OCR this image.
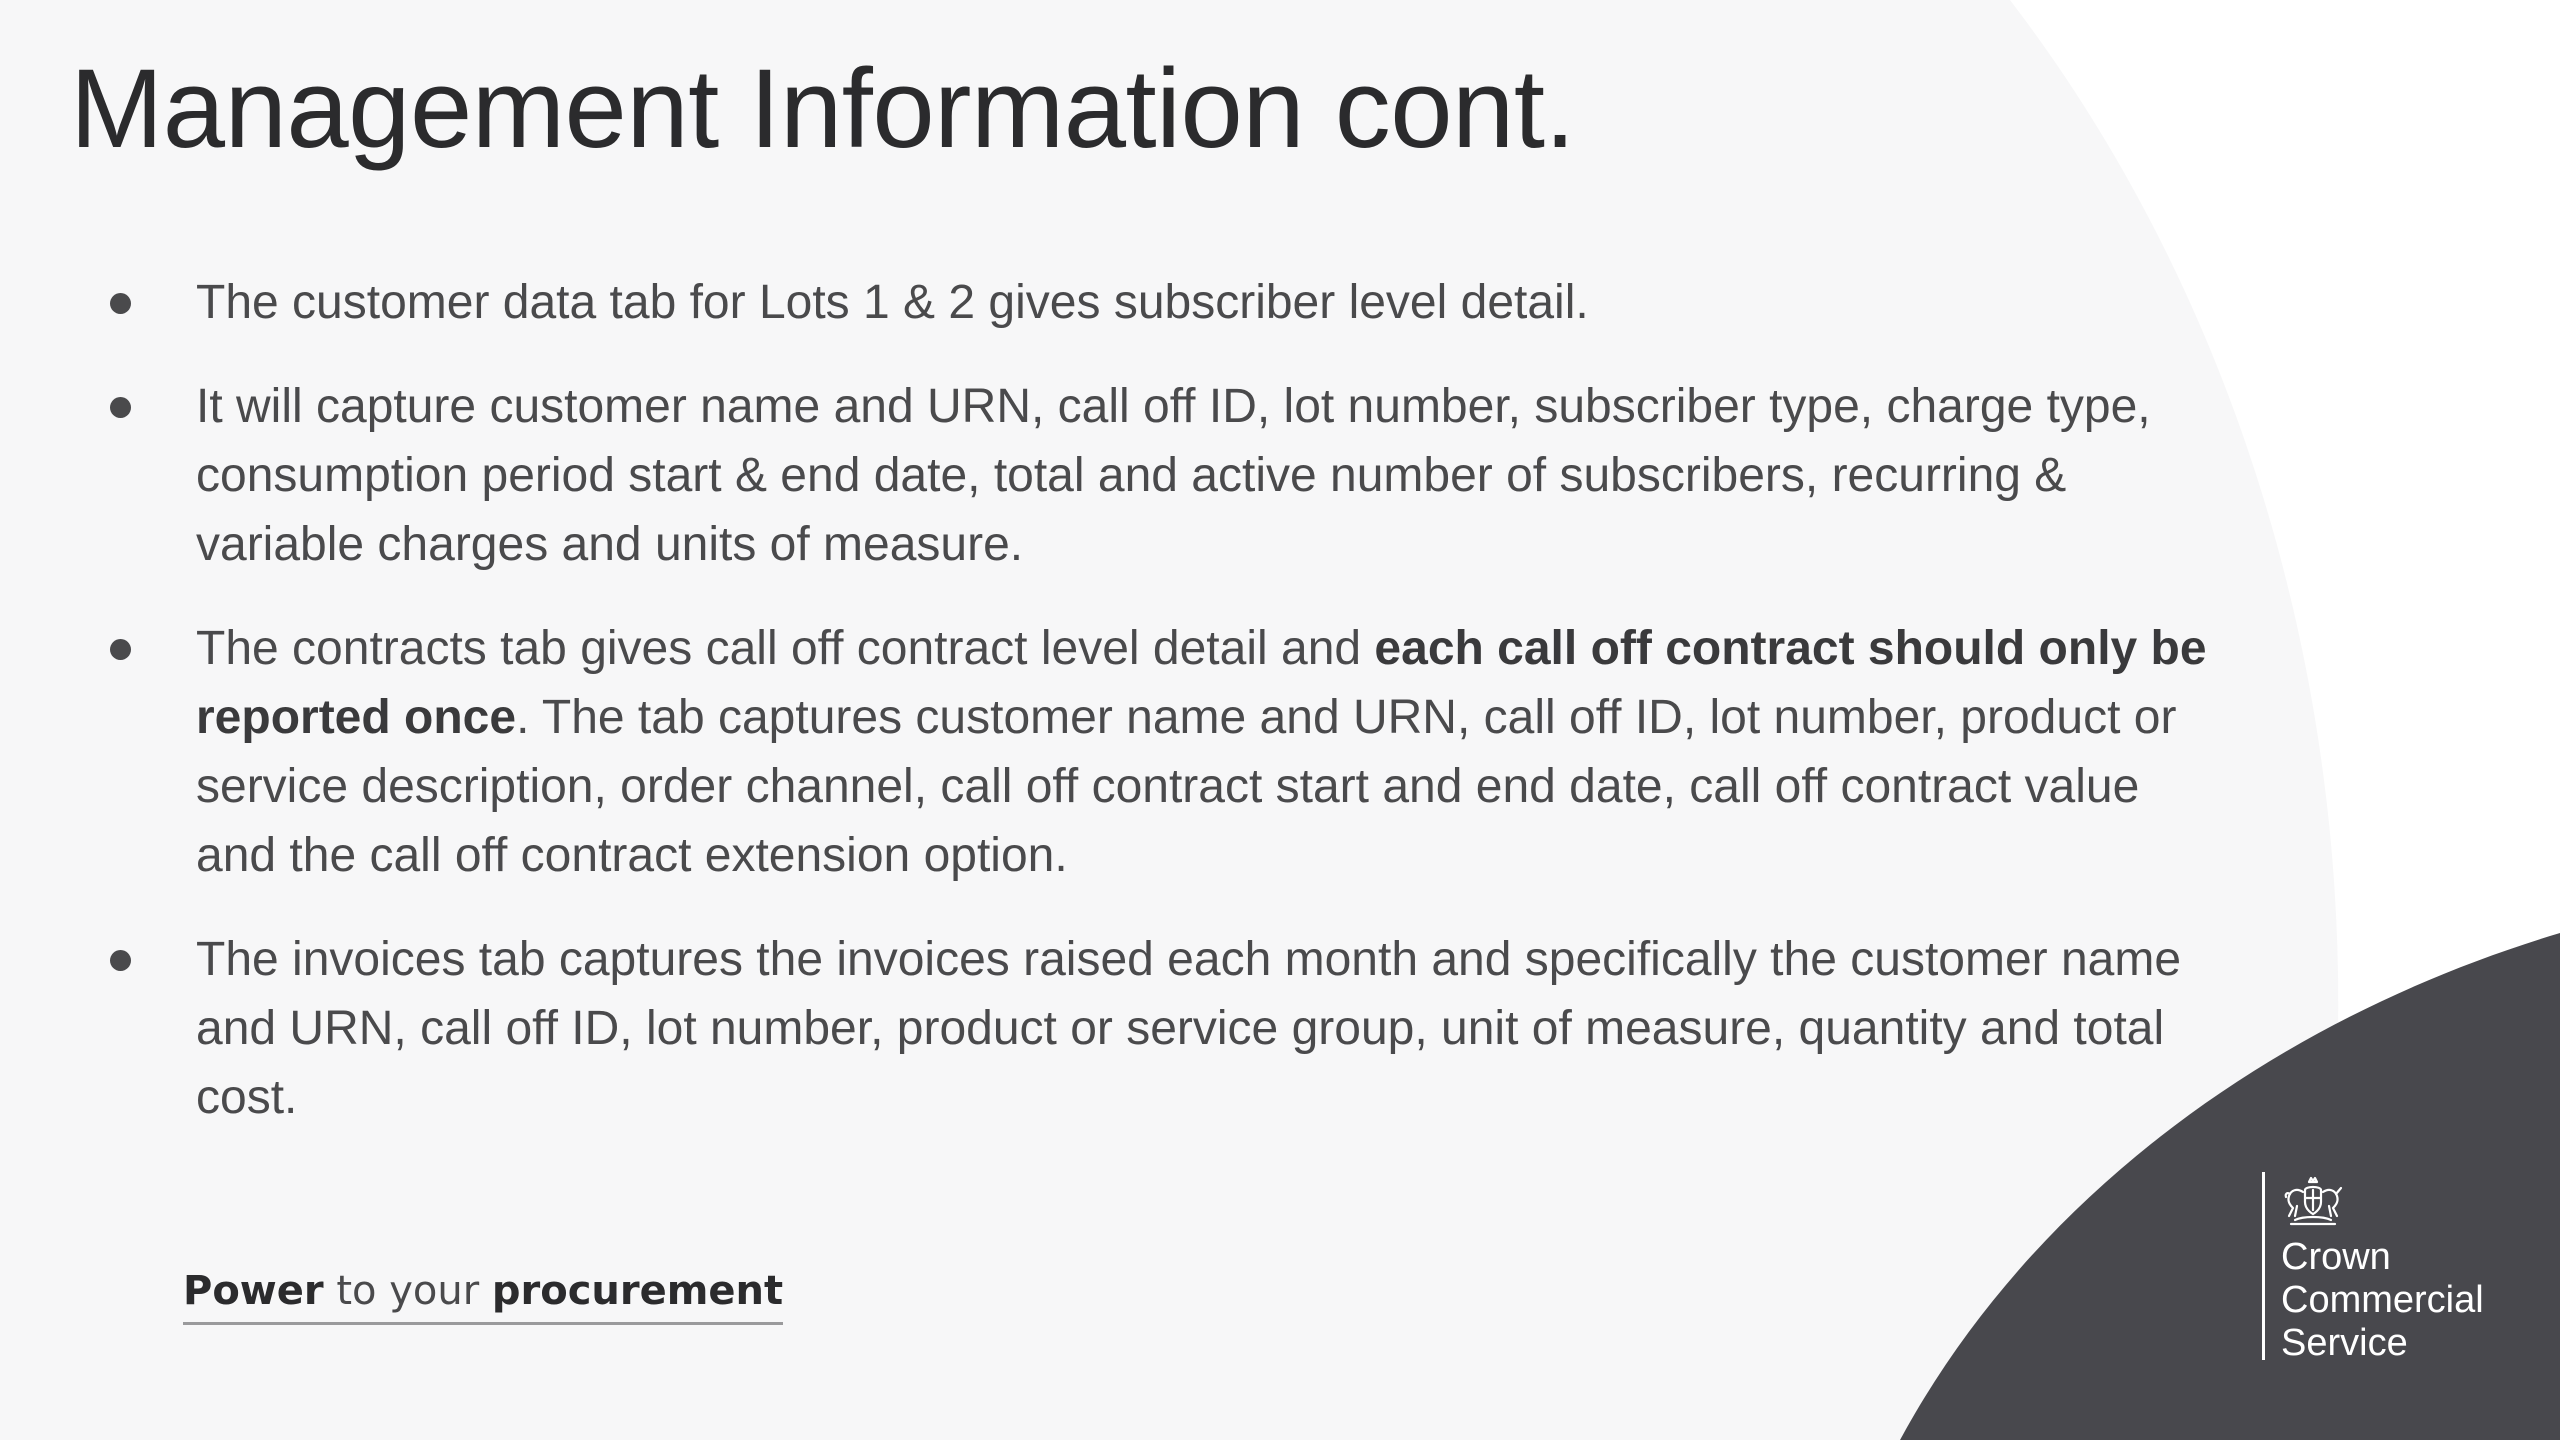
Management Information cont.
The customer data tab for Lots 1 & 2 gives subscriber level detail.
It will capture customer name and URN, call off ID, lot number, subscriber type, charge type, consumption period start & end date, total and active number of subscribers, recurring & variable charges and units of measure.
The contracts tab gives call off contract level detail and each call off contract should only be reported once. The tab captures customer name and URN, call off ID, lot number, product or service description, order channel, call off contract start and end date, call off contract value and the call off contract extension option.
The invoices tab captures the invoices raised each month and specifically the customer name and URN, call off ID, lot number, product or service group, unit of measure, quantity and total cost.
Power to your procurement
Crown
Commercial
Service
